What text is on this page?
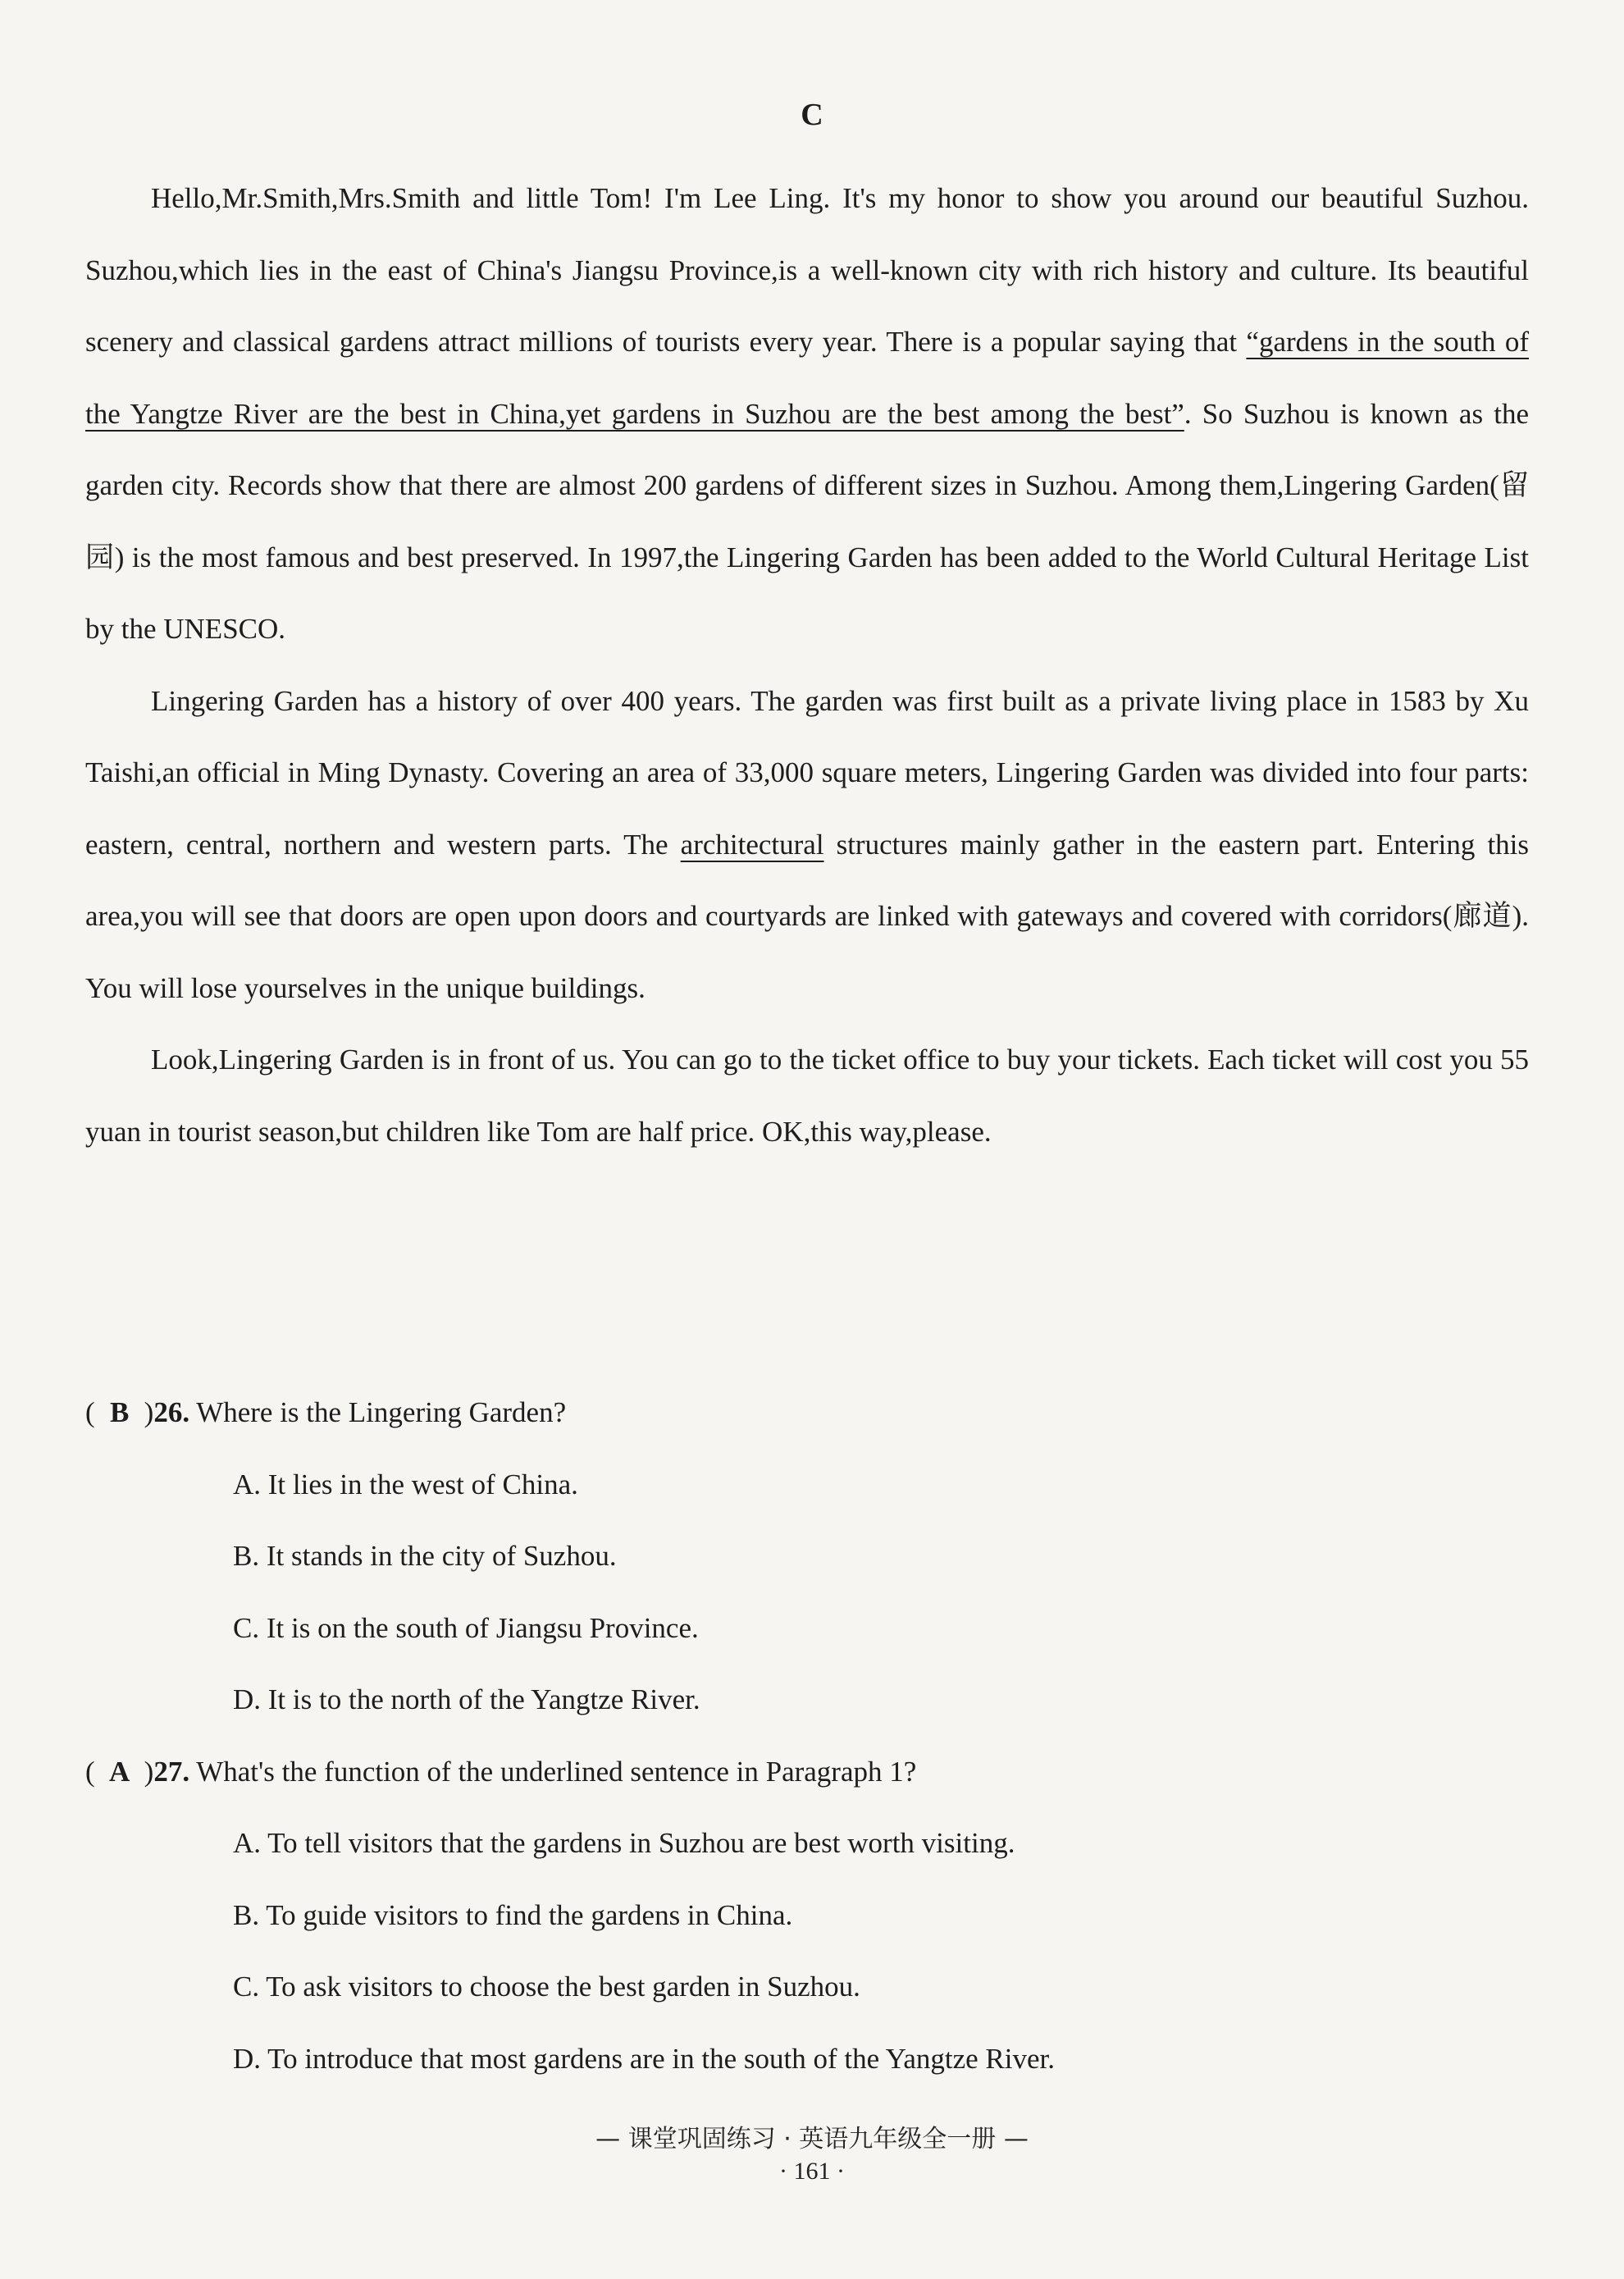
C

Hello,Mr.Smith,Mrs.Smith and little Tom! I'm Lee Ling. It's my honor to show you around our beautiful Suzhou. Suzhou,which lies in the east of China's Jiangsu Province,is a well-known city with rich history and culture. Its beautiful scenery and classical gardens attract millions of tourists every year. There is a popular saying that “gardens in the south of the Yangtze River are the best in China,yet gardens in Suzhou are the best among the best”. So Suzhou is known as the garden city. Records show that there are almost 200 gardens of different sizes in Suzhou. Among them,Lingering Garden(留园) is the most famous and best preserved. In 1997,the Lingering Garden has been added to the World Cultural Heritage List by the UNESCO.

Lingering Garden has a history of over 400 years. The garden was first built as a private living place in 1583 by Xu Taishi,an official in Ming Dynasty. Covering an area of 33,000 square meters, Lingering Garden was divided into four parts: eastern, central, northern and western parts. The architectural structures mainly gather in the eastern part. Entering this area,you will see that doors are open upon doors and courtyards are linked with gateways and covered with corridors(廊道). You will lose yourselves in the unique buildings.

Look,Lingering Garden is in front of us. You can go to the ticket office to buy your tickets. Each ticket will cost you 55 yuan in tourist season,but children like Tom are half price. OK,this way,please.

( B )26. Where is the Lingering Garden?
A. It lies in the west of China.
B. It stands in the city of Suzhou.
C. It is on the south of Jiangsu Province.
D. It is to the north of the Yangtze River.
( A )27. What's the function of the underlined sentence in Paragraph 1?
A. To tell visitors that the gardens in Suzhou are best worth visiting.
B. To guide visitors to find the gardens in China.
C. To ask visitors to choose the best garden in Suzhou.
D. To introduce that most gardens are in the south of the Yangtze River.
— 课堂巩固练习 · 英语九年级全一册 —
· 161 ·
